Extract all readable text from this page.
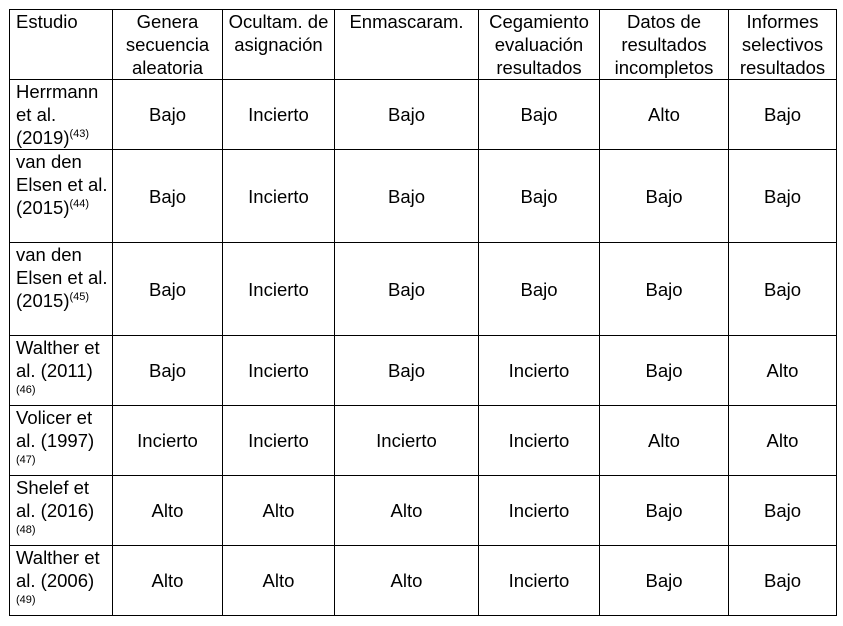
Estudio	Genera secuencia aleatoria	Ocultam. de asignación	Enmascaram.	Cegamiento evaluación resultados	Datos de resultados incompletos	Informes selectivos resultados
Herrmann et al. $(2019)^{(43)}$	Bajo	Incierto	Bajo	Bajo	Alto	Bajo
van den Elsen et al. $(2015)^{(44)}$	Bajo	Incierto	Bajo	Bajo	Bajo	Bajo
van den Elsen et al. $(2015)^{(45)}$	Bajo	Incierto	Bajo	Bajo	Bajo	Bajo
Walther et al. $(2011)^{(46)}$	Bajo	Incierto	Bajo	Incierto	Bajo	Alto
Volicer et al. $(1997)^{(47)}$	Incierto	Incierto	Incierto	Incierto	Alto	Alto
Shelef et al. $(2016)^{(48)}$	Alto	Alto	Alto	Incierto	Bajo	Bajo
Walther et al. $(2006)^{(49)}$	Alto	Alto	Alto	Incierto	Bajo	Bajo
